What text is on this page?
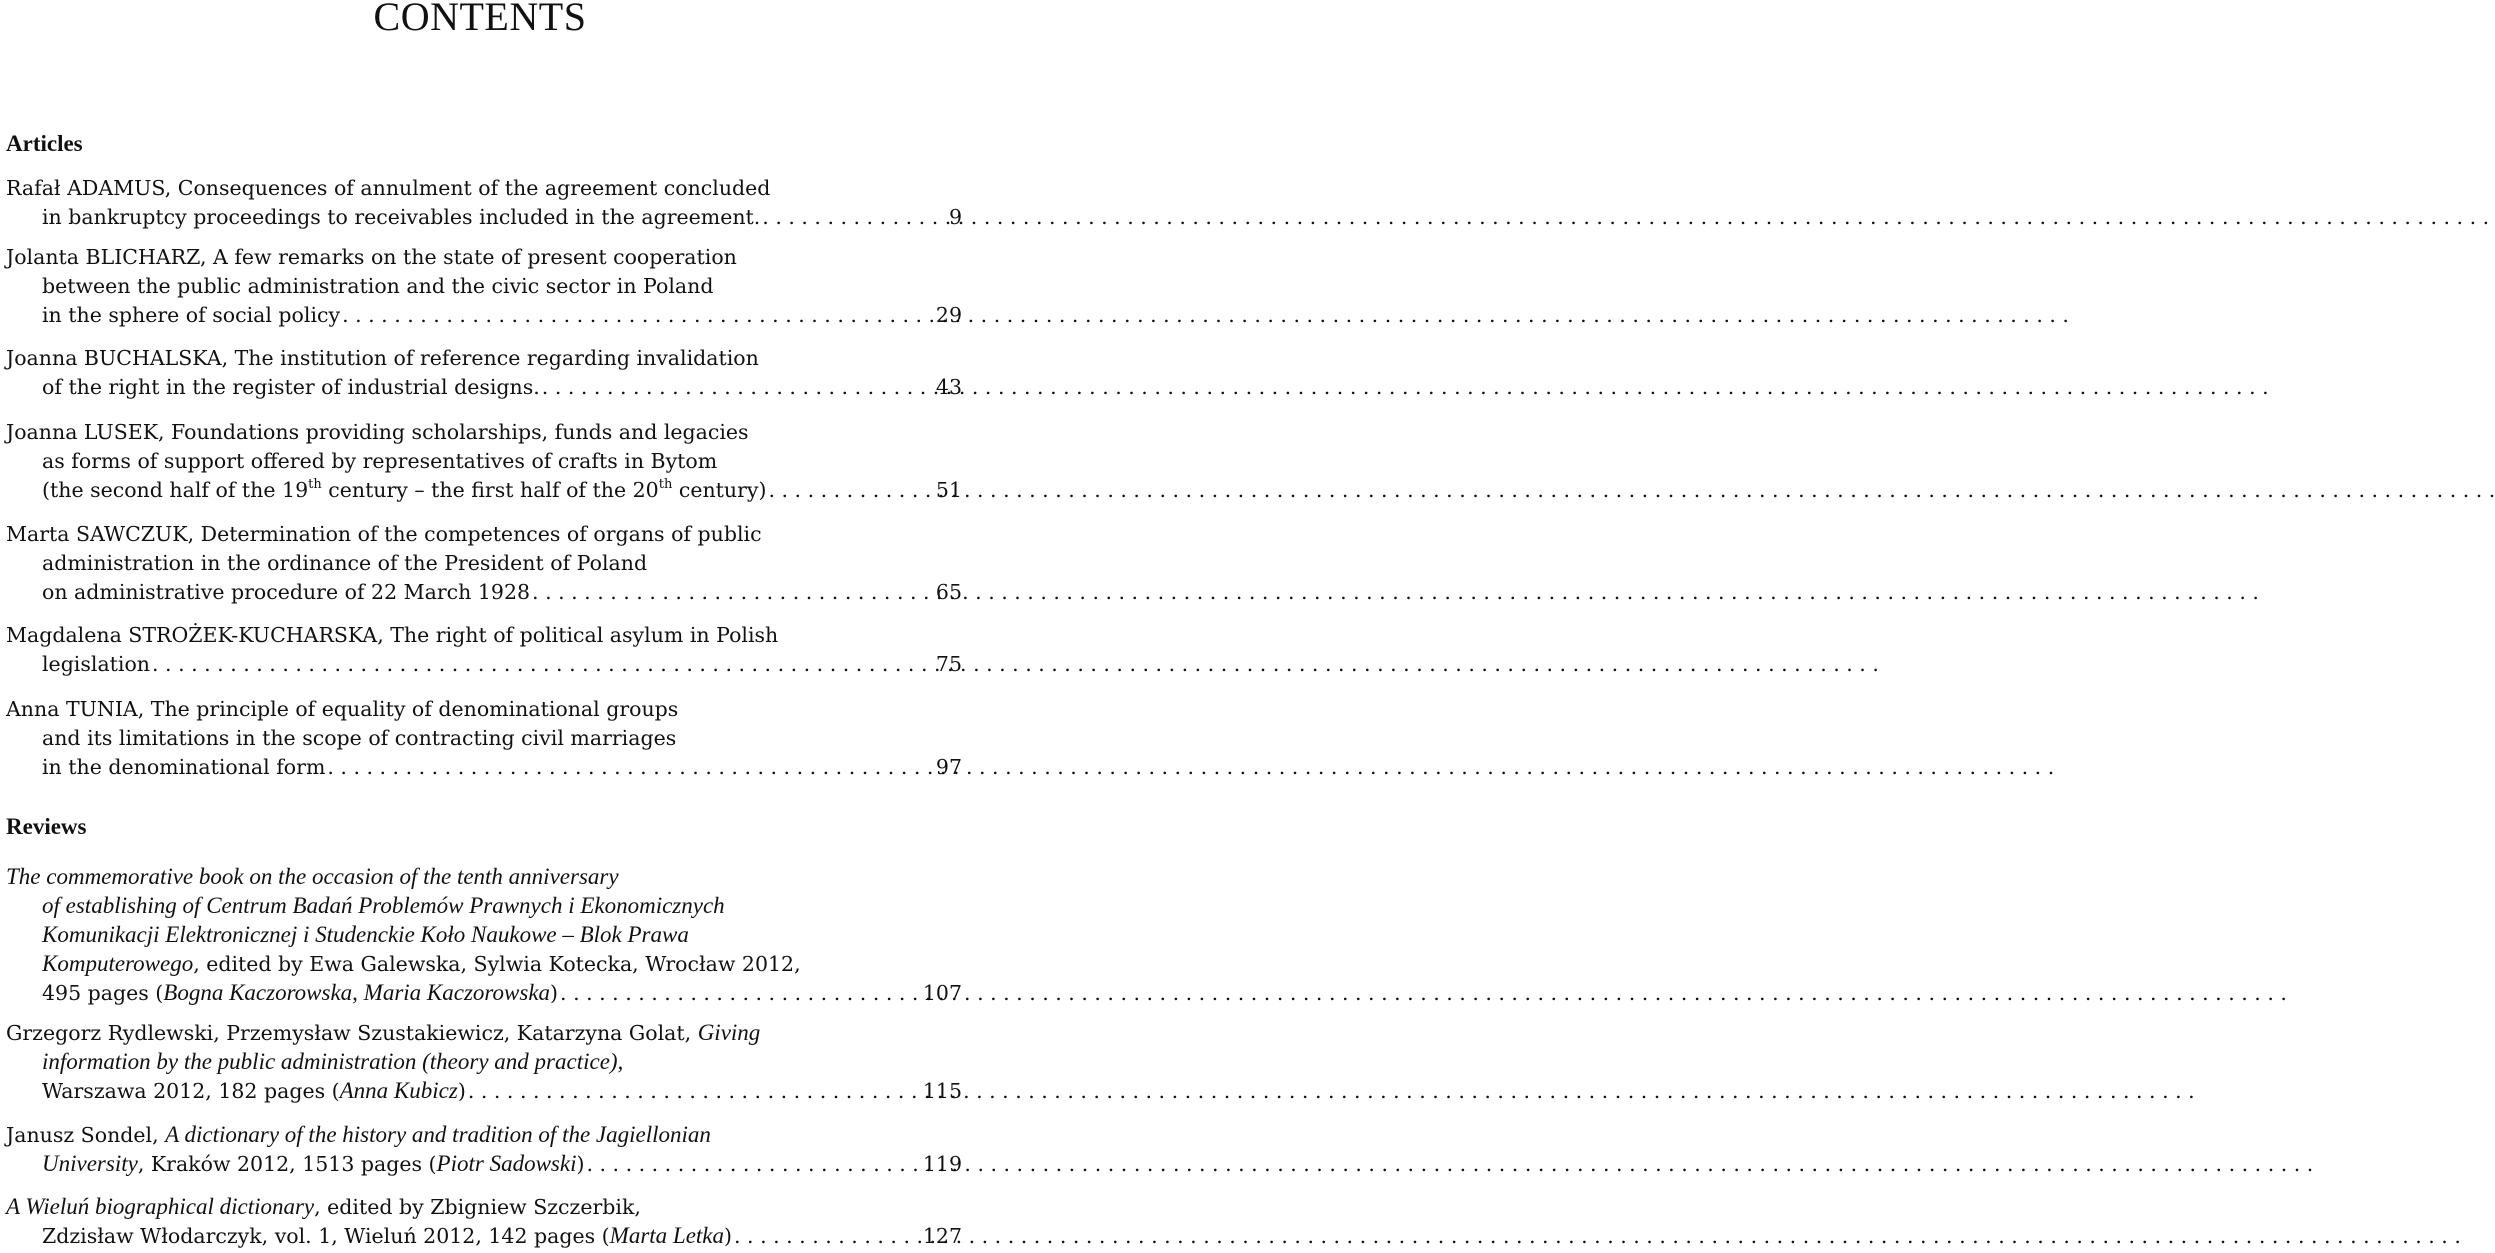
CONTENTS
Articles
Rafał ADAMUS, Consequences of annulment of the agreement concluded
in bankruptcy proceedings to receivables included in the agreement. . . .	9
Jolanta BLICHARZ, A few remarks on the state of present cooperation
between the public administration and the civic sector in Poland
in the sphere of social policy . . .	29
Joanna BUCHALSKA, The institution of reference regarding invalidation
of the right in the register of industrial designs. . . .	43
Joanna LUSEK, Foundations providing scholarships, funds and legacies
as forms of support offered by representatives of crafts in Bytom
(the second half of the 19th century – the first half of the 20th century) . . .	51
Marta SAWCZUK, Determination of the competences of organs of public
administration in the ordinance of the President of Poland
on administrative procedure of 22 March 1928 . . .	65
Magdalena STROŻEK-KUCHARSKA, The right of political asylum in Polish
legislation . . .	75
Anna TUNIA, The principle of equality of denominational groups
and its limitations in the scope of contracting civil marriages
in the denominational form . . .	97
Reviews
The commemorative book on the occasion of the tenth anniversary
of establishing of Centrum Badań Problemów Prawnych i Ekonomicznych
Komunikacji Elektronicznej i Studenckie Koło Naukowe – Blok Prawa
Komputerowego, edited by Ewa Galewska, Sylwia Kotecka, Wrocław 2012,
495 pages (Bogna Kaczorowska, Maria Kaczorowska) . . .	107
Grzegorz Rydlewski, Przemysław Szustakiewicz, Katarzyna Golat, Giving
information by the public administration (theory and practice),
Warszawa 2012, 182 pages (Anna Kubicz) . . .	115
Janusz Sondel, A dictionary of the history and tradition of the Jagiellonian
University, Kraków 2012, 1513 pages (Piotr Sadowski) . . .	119
A Wieluń biographical dictionary, edited by Zbigniew Szczerbik,
Zdzisław Włodarczyk, vol. 1, Wieluń 2012, 142 pages (Marta Letka) . . .	127
